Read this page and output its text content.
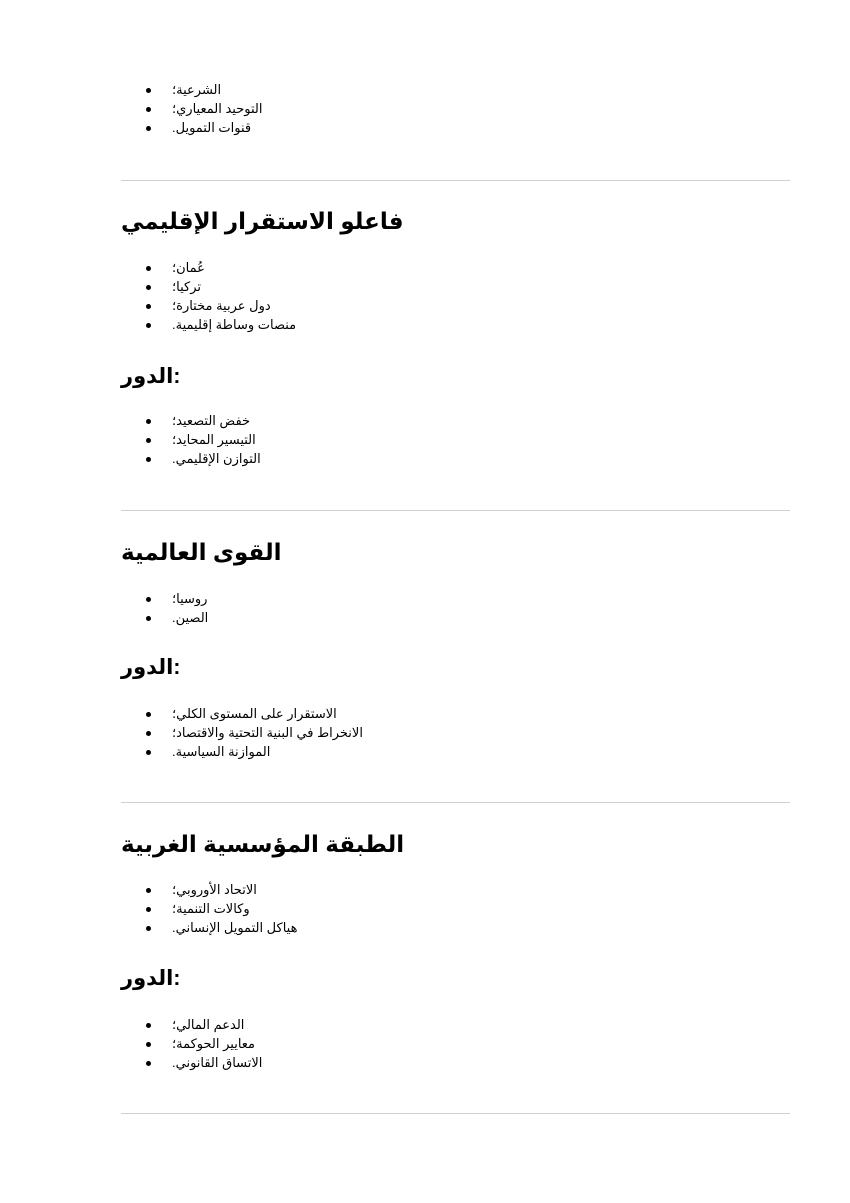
الشرعية؛
التوحيد المعياري؛
قنوات التمويل.
فاعلو الاستقرار الإقليمي
عُمان؛
تركيا؛
دول عربية مختارة؛
منصات وساطة إقليمية.
الدور:
خفض التصعيد؛
التيسير المحايد؛
التوازن الإقليمي.
القوى العالمية
روسيا؛
الصين.
الدور:
الاستقرار على المستوى الكلي؛
الانخراط في البنية التحتية والاقتصاد؛
الموازنة السياسية.
الطبقة المؤسسية الغربية
الاتحاد الأوروبي؛
وكالات التنمية؛
هياكل التمويل الإنساني.
الدور:
الدعم المالي؛
معايير الحوكمة؛
الاتساق القانوني.
